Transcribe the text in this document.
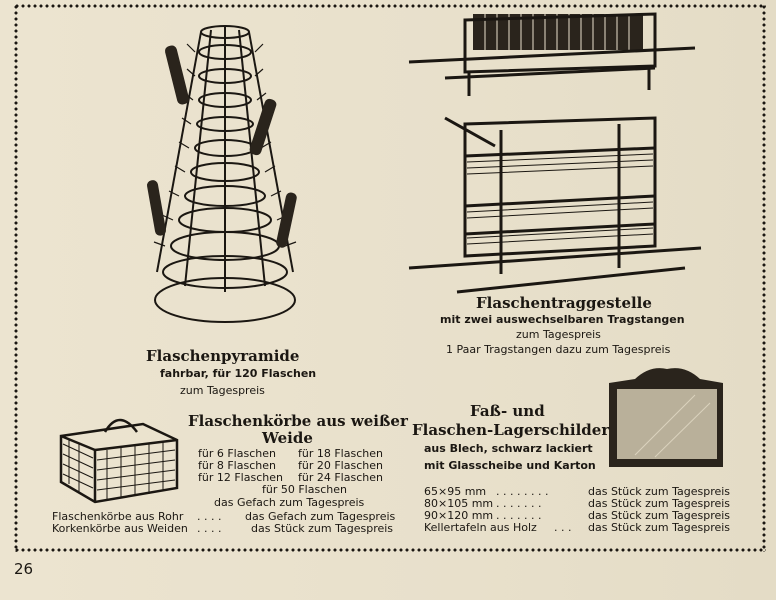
Flaschenpyramide
fahrbar, für 120 Flaschen
zum Tagespreis
Flaschentraggestelle
mit zwei auswechselbaren Tragstangen
zum Tagespreis
1 Paar Tragstangen dazu zum Tagespreis
Flaschenkörbe aus weißer
Weide
für 6 Flaschen für 18 Flaschen
für 8 Flaschen für 20 Flaschen
für 12 Flaschen für 24 Flaschen
für 50 Flaschen
das Gefach zum Tagespreis
Flaschenkörbe aus Rohr . . . . das Gefach zum Tagespreis
Korkenkörbe aus Weiden . . . .	das Stück zum Tagespreis
Faß- und
Flaschen-Lagerschilder
aus Blech, schwarz lackiert
mit Glasscheibe und Karton
65×95 mm . . . . . . . .	das Stück zum Tagespreis
80×105 mm . . . . . . .	das Stück zum Tagespreis
90×120 mm . . . . . . .	das Stück zum Tagespreis
Kellertafeln aus Holz . . . das Stück zum Tagespreis
26
